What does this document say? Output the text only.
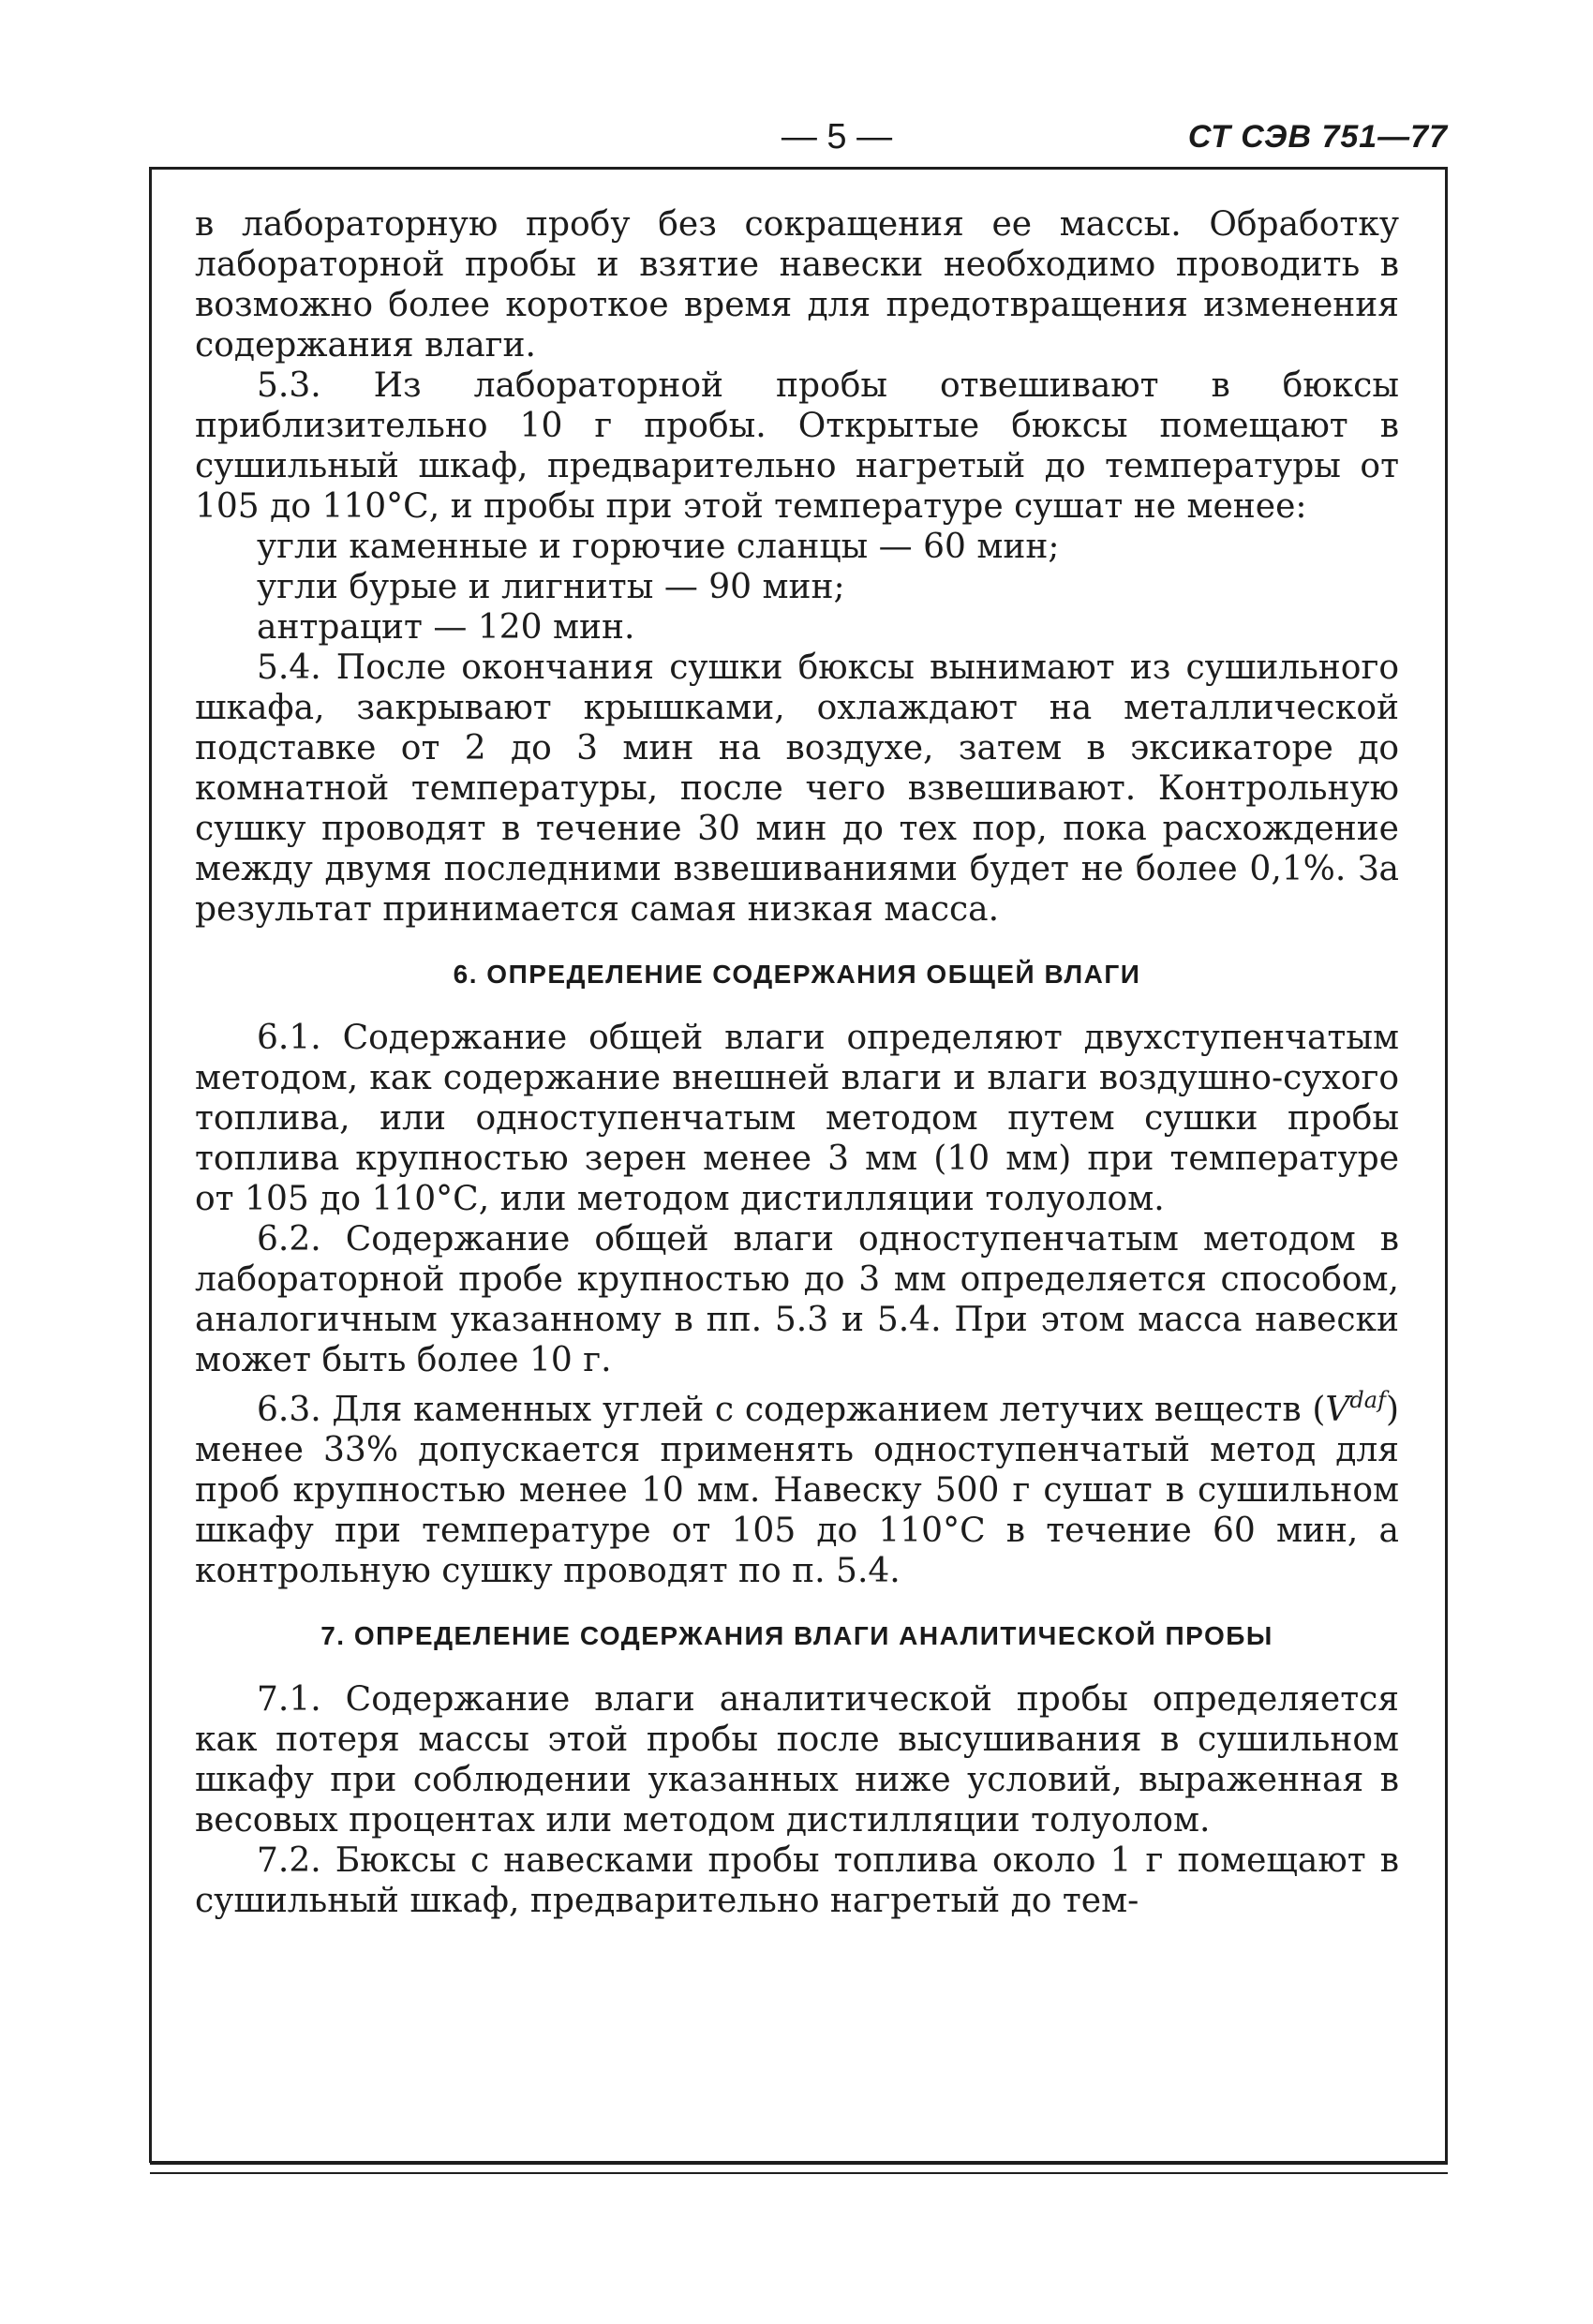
— 5 —	СТ СЭВ 751—77

в лабораторную пробу без сокращения ее массы. Обработку лабораторной пробы и взятие навески необходимо проводить в возможно более короткое время для предотвращения изменения содержания влаги.

5.3. Из лабораторной пробы отвешивают в бюксы приблизительно 10 г пробы. Открытые бюксы помещают в сушильный шкаф, предварительно нагретый до температуры от 105 до 110°С, и пробы при этой температуре сушат не менее:

угли каменные и горючие сланцы — 60 мин;

угли бурые и лигниты — 90 мин;

антрацит — 120 мин.

5.4. После окончания сушки бюксы вынимают из сушильного шкафа, закрывают крышками, охлаждают на металлической подставке от 2 до 3 мин на воздухе, затем в эксикаторе до комнатной температуры, после чего взвешивают. Контрольную сушку проводят в течение 30 мин до тех пор, пока расхождение между двумя последними взвешиваниями будет не более 0,1%. За результат принимается самая низкая масса.

6. ОПРЕДЕЛЕНИЕ СОДЕРЖАНИЯ ОБЩЕЙ ВЛАГИ

6.1. Содержание общей влаги определяют двухступенчатым методом, как содержание внешней влаги и влаги воздушно-сухого топлива, или одноступенчатым методом путем сушки пробы топлива крупностью зерен менее 3 мм (10 мм) при температуре от 105 до 110°С, или методом дистилляции толуолом.

6.2. Содержание общей влаги одноступенчатым методом в лабораторной пробе крупностью до 3 мм определяется способом, аналогичным указанному в пп. 5.3 и 5.4. При этом масса навески может быть более 10 г.

6.3. Для каменных углей с содержанием летучих веществ $(V^{daf})$ менее 33% допускается применять одноступенчатый метод для проб крупностью менее 10 мм. Навеску 500 г сушат в сушильном шкафу при температуре от 105 до 110°С в течение 60 мин, а контрольную сушку проводят по п. 5.4.

7. ОПРЕДЕЛЕНИЕ СОДЕРЖАНИЯ ВЛАГИ АНАЛИТИЧЕСКОЙ ПРОБЫ

7.1. Содержание влаги аналитической пробы определяется как потеря массы этой пробы после высушивания в сушильном шкафу при соблюдении указанных ниже условий, выраженная в весовых процентах или методом дистилляции толуолом.

7.2. Бюксы с навесками пробы топлива около 1 г помещают в сушильный шкаф, предварительно нагретый до тем-
